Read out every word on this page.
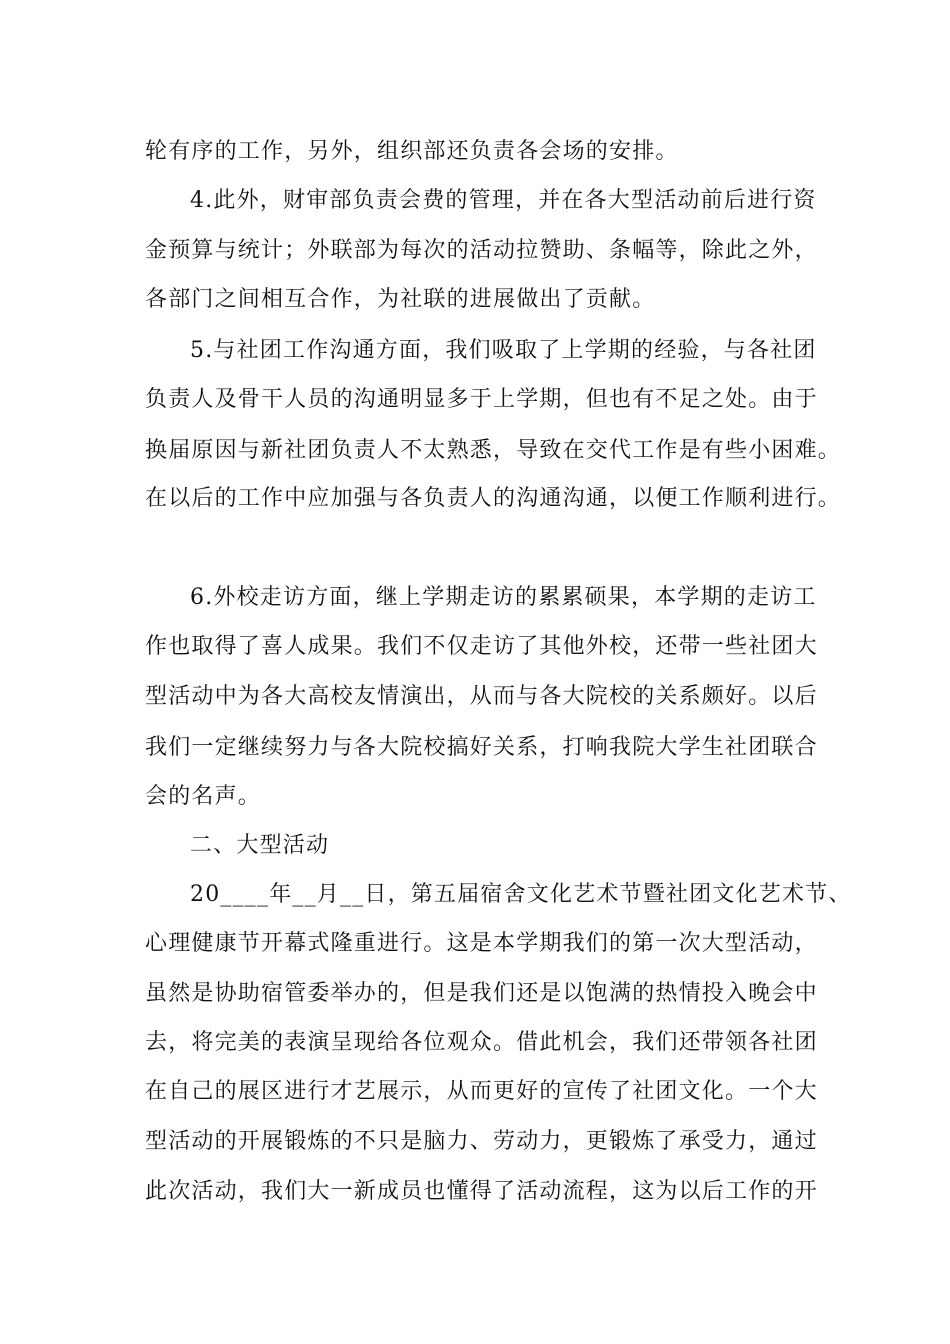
轮有序的工作，另外，组织部还负责各会场的安排。
4.此外，财审部负责会费的管理，并在各大型活动前后进行资
金预算与统计；外联部为每次的活动拉赞助、条幅等，除此之外，
各部门之间相互合作，为社联的进展做出了贡献。
5.与社团工作沟通方面，我们吸取了上学期的经验，与各社团
负责人及骨干人员的沟通明显多于上学期，但也有不足之处。由于
换届原因与新社团负责人不太熟悉，导致在交代工作是有些小困难。
在以后的工作中应加强与各负责人的沟通沟通，以便工作顺利进行。
6.外校走访方面，继上学期走访的累累硕果，本学期的走访工
作也取得了喜人成果。我们不仅走访了其他外校，还带一些社团大
型活动中为各大高校友情演出，从而与各大院校的关系颇好。以后
我们一定继续努力与各大院校搞好关系，打响我院大学生社团联合
会的名声。
二、大型活动
20____年__月__日，第五届宿舍文化艺术节暨社团文化艺术节、
心理健康节开幕式隆重进行。这是本学期我们的第一次大型活动，
虽然是协助宿管委举办的，但是我们还是以饱满的热情投入晚会中
去，将完美的表演呈现给各位观众。借此机会，我们还带领各社团
在自己的展区进行才艺展示，从而更好的宣传了社团文化。一个大
型活动的开展锻炼的不只是脑力、劳动力，更锻炼了承受力，通过
此次活动，我们大一新成员也懂得了活动流程，这为以后工作的开
